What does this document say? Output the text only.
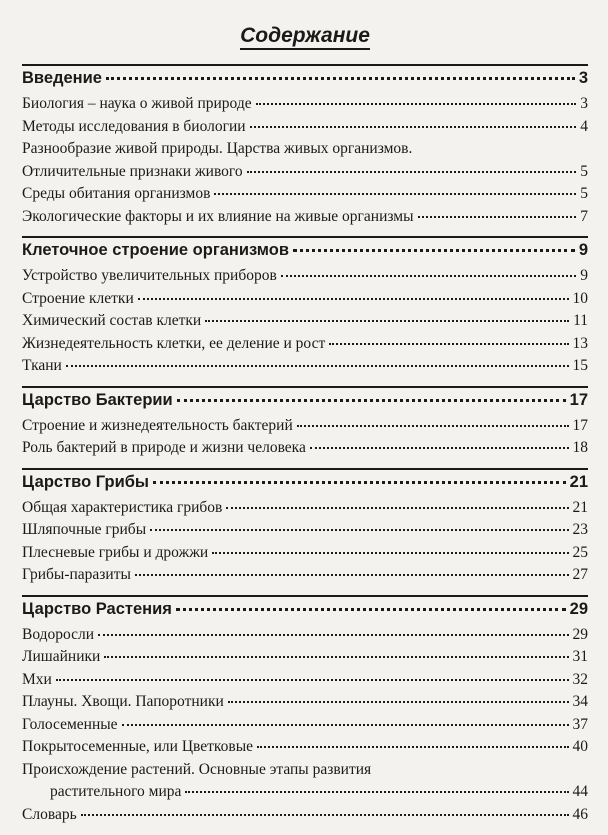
Содержание
Введение	3
Биология – наука о живой природе	3
Методы исследования в биологии	4
Разнообразие живой природы. Царства живых организмов.
Отличительные признаки живого	5
Среды обитания организмов	5
Экологические факторы и их влияние на живые организмы	7
Клеточное строение организмов	9
Устройство увеличительных приборов	9
Строение клетки	10
Химический состав клетки	11
Жизнедеятельность клетки, ее деление и рост	13
Ткани	15
Царство Бактерии	17
Строение и жизнедеятельность бактерий	17
Роль бактерий в природе и жизни человека	18
Царство Грибы	21
Общая характеристика грибов	21
Шляпочные грибы	23
Плесневые грибы и дрожжи	25
Грибы-паразиты	27
Царство Растения	29
Водоросли	29
Лишайники	31
Мхи	32
Плауны. Хвощи. Папоротники	34
Голосеменные	37
Покрытосеменные, или Цветковые	40
Происхождение растений. Основные этапы развития
растительного мира	44
Словарь	46
